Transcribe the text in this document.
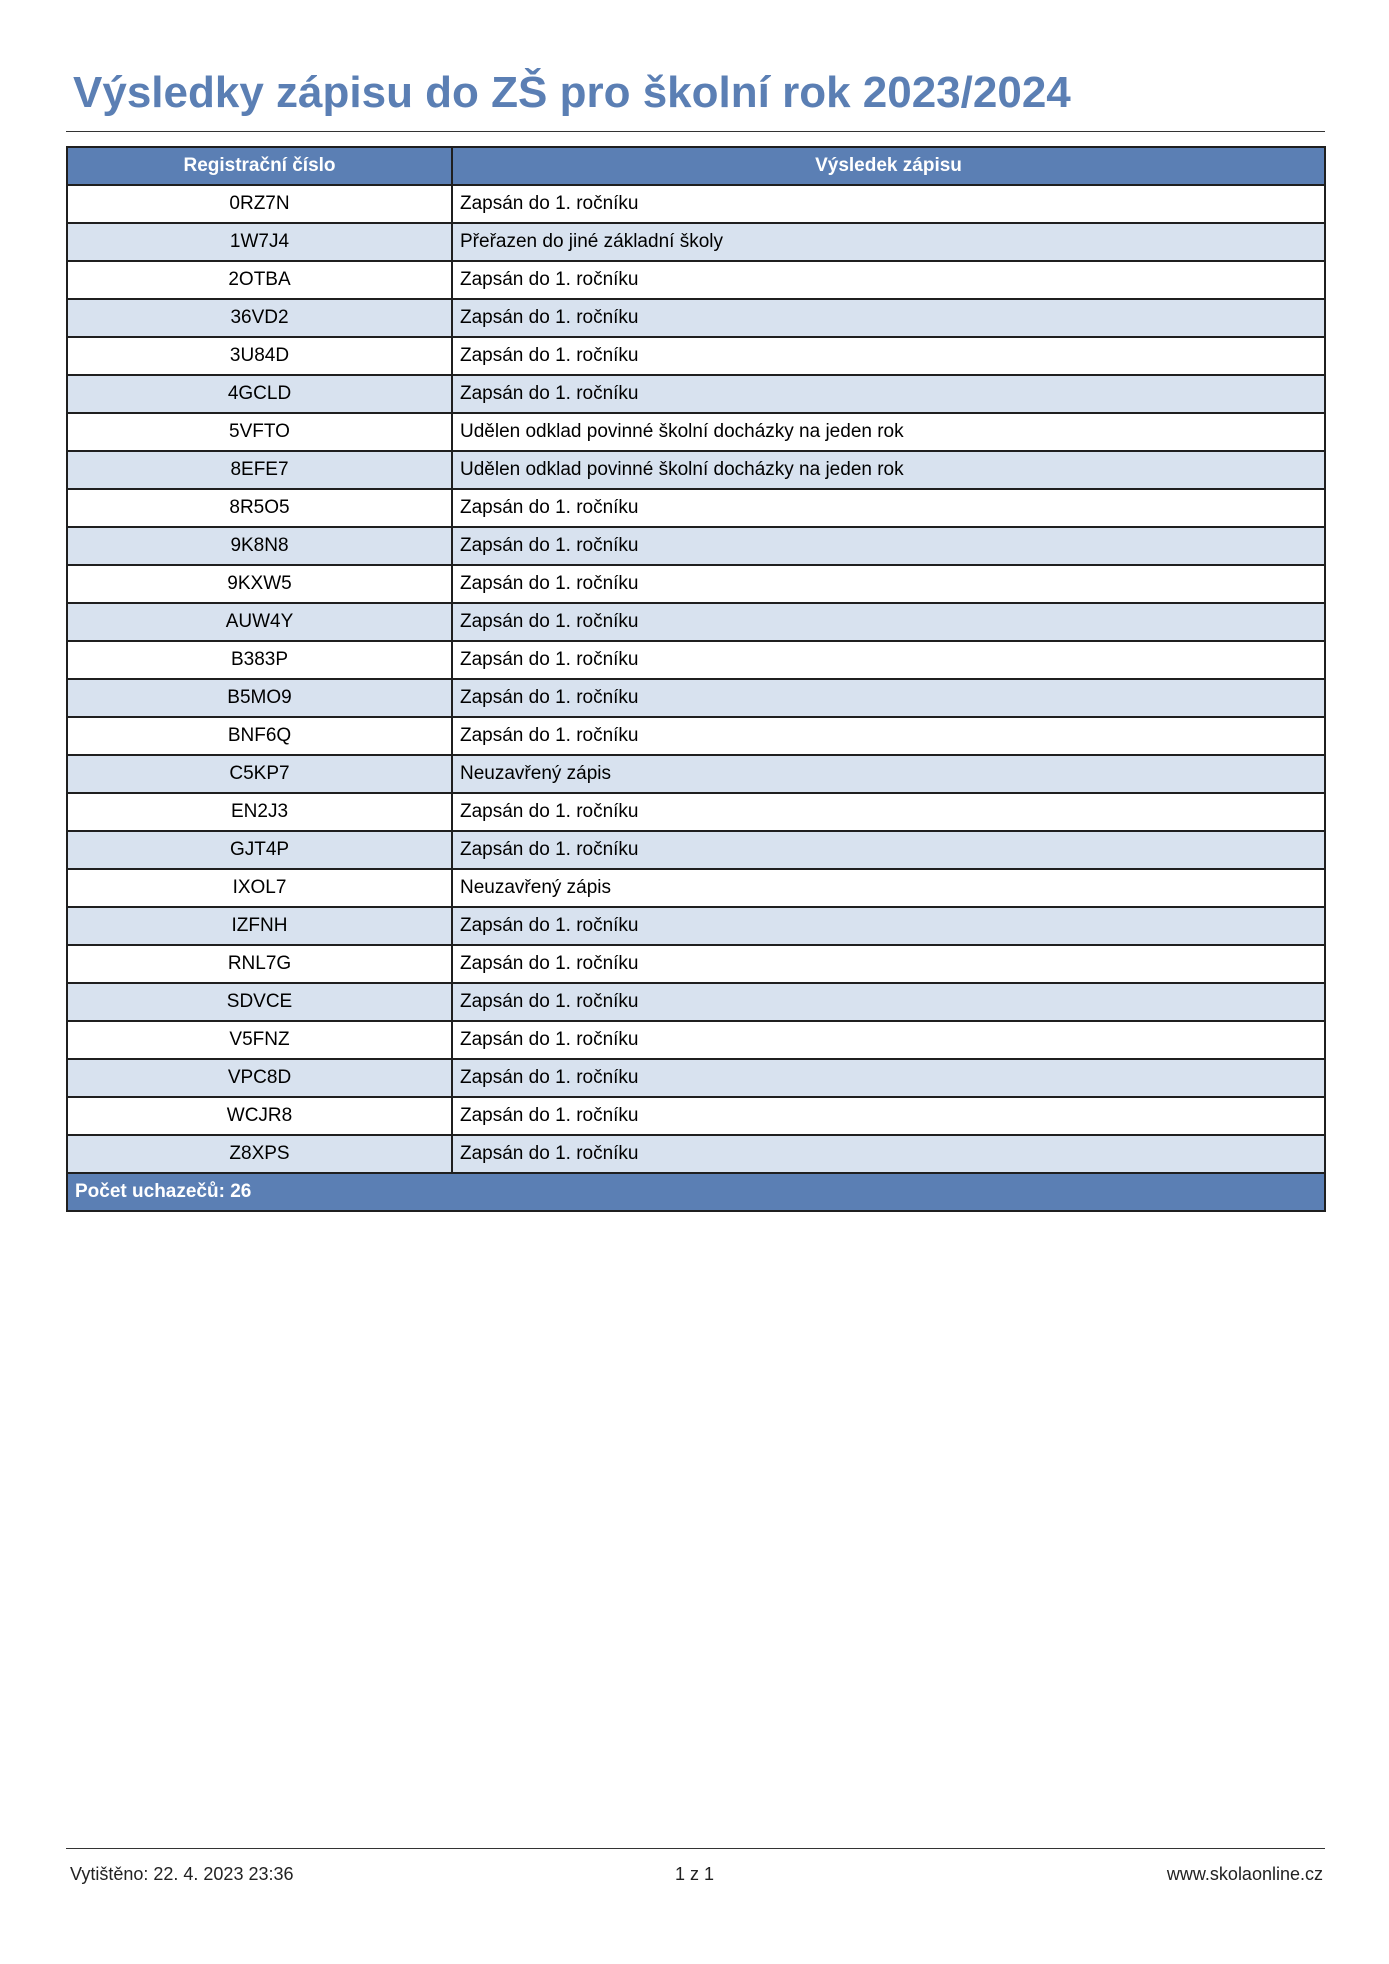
Výsledky zápisu do ZŠ pro školní rok 2023/2024
Registrační číslo	Výsledek zápisu
0RZ7N	Zapsán do 1. ročníku
1W7J4	Přeřazen do jiné základní školy
2OTBA	Zapsán do 1. ročníku
36VD2	Zapsán do 1. ročníku
3U84D	Zapsán do 1. ročníku
4GCLD	Zapsán do 1. ročníku
5VFTO	Udělen odklad povinné školní docházky na jeden rok
8EFE7	Udělen odklad povinné školní docházky na jeden rok
8R5O5	Zapsán do 1. ročníku
9K8N8	Zapsán do 1. ročníku
9KXW5	Zapsán do 1. ročníku
AUW4Y	Zapsán do 1. ročníku
B383P	Zapsán do 1. ročníku
B5MO9	Zapsán do 1. ročníku
BNF6Q	Zapsán do 1. ročníku
C5KP7	Neuzavřený zápis
EN2J3	Zapsán do 1. ročníku
GJT4P	Zapsán do 1. ročníku
IXOL7	Neuzavřený zápis
IZFNH	Zapsán do 1. ročníku
RNL7G	Zapsán do 1. ročníku
SDVCE	Zapsán do 1. ročníku
V5FNZ	Zapsán do 1. ročníku
VPC8D	Zapsán do 1. ročníku
WCJR8	Zapsán do 1. ročníku
Z8XPS	Zapsán do 1. ročníku
Počet uchazečů: 26	
Vytištěno: 22. 4. 2023 23:36	1 z 1	www.skolaonline.cz
